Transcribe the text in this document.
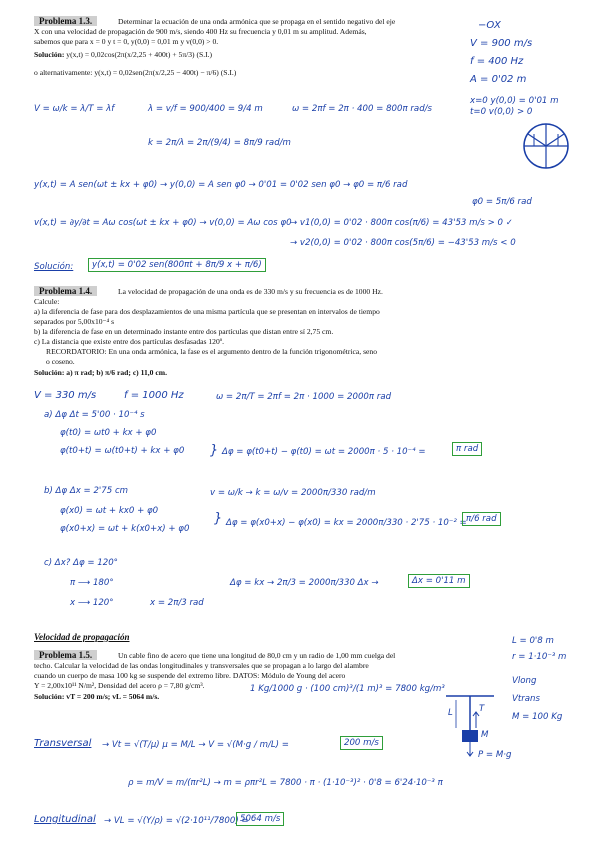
Problema 1.3.	Determinar la ecuación de una onda armónica que se propaga en el sentido negativo del eje
X con una velocidad de propagación de 900 m/s, siendo 400 Hz su frecuencia y 0,01 m su amplitud. Además,
sabemos que para x = 0 y t = 0, y(0,0) = 0,01 m y v(0,0) > 0.
Solución: y(x,t) = 0,02cos(2π(x/2,25 + 400t) + 5π/3) (S.I.)
o alternativamente: y(x,t) = 0,02sen(2π(x/2,25 − 400t) − π/6) (S.I.)
−OX
V = 900 m/s
f = 400 Hz
A = 0'02 m
x=0 y(0,0) = 0'01 m
t=0 v(0,0) > 0
V = ω/k = λ/T = λf	λ = v/f = 900/400 = 9/4 m	ω = 2πf = 2π · 400 = 800π rad/s
k = 2π/λ = 2π/(9/4) = 8π/9 rad/m
y(x,t) = A sen(ωt ± kx + φ0) → y(0,0) = A sen φ0 → 0'01 = 0'02 sen φ0 → φ0 = π/6 rad
φ0 = 5π/6 rad
v(x,t) = ∂y/∂t = Aω cos(ωt ± kx + φ0) → v(0,0) = Aω cos φ0
→ v1(0,0) = 0'02 · 800π cos(π/6) = 43'53 m/s > 0 ✓
→ v2(0,0) = 0'02 · 800π cos(5π/6) = −43'53 m/s < 0
Solución:	y(x,t) = 0'02 sen(800πt + 8π/9 x + π/6)
Problema 1.4.	La velocidad de propagación de una onda es de 330 m/s y su frecuencia es de 1000 Hz.
Calcule:
a) la diferencia de fase para dos desplazamientos de una misma partícula que se presentan en intervalos de tiempo
separados por 5,00x10⁻⁴ s
b) la diferencia de fase en un determinado instante entre dos partículas que distan entre sí 2,75 cm.
c) La distancia que existe entre dos partículas desfasadas 120º.
RECORDATORIO: En una onda armónica, la fase es el argumento dentro de la función trigonométrica, seno
o coseno.
Solución: a) π rad; b) π/6 rad; c) 11,0 cm.
V = 330 m/s	f = 1000 Hz	ω = 2π/T = 2πf = 2π · 1000 = 2000π rad
a) Δφ Δt = 5'00 · 10⁻⁴ s
φ(t0) = ωt0 + kx + φ0
φ(t0+t) = ω(t0+t) + kx + φ0 } Δφ = φ(t0+t) − φ(t0) = ωt = 2000π · 5 · 10⁻⁴ =	π rad
b) Δφ Δx = 2'75 cm	v = ω/k → k = ω/v = 2000π/330 rad/m
φ(x0) = ωt + kx0 + φ0
φ(x0+x) = ωt + k(x0+x) + φ0
} Δφ = φ(x0+x) − φ(x0) = kx = 2000π/330 · 2'75 · 10⁻² = π/6 rad
c) Δx? Δφ = 120°
π ⟶ 180°
x ⟶ 120°	x = 2π/3 rad
Δφ = kx → 2π/3 = 2000π/330 Δx →	Δx = 0'11 m
Velocidad de propagación
Problema 1.5.	Un cable fino de acero que tiene una longitud de 80,0 cm y un radio de 1,00 mm cuelga del
techo. Calcular la velocidad de las ondas longitudinales y transversales que se propagan a lo largo del alambre
cuando un cuerpo de masa 100 kg se suspende del extremo libre. DATOS: Módulo de Young del acero
Y = 2,00x10¹¹ N/m², Densidad del acero ρ = 7,80 g/cm³.
Solución: vT = 200 m/s; vL = 5064 m/s.
1 Kg/1000 g · (100 cm)³/(1 m)³ = 7800 kg/m³
L = 0'8 m
r = 1·10⁻³ m
Vlong
Vtrans
M = 100 Kg
L	T
M
P = M·g
Transversal → Vt = √(T/μ) μ = M/L → V = √(M·g / m/L) =	200 m/s
ρ = m/V = m/(πr²L) → m = ρπr²L = 7800 · π · (1·10⁻³)² · 0'8 = 6'24·10⁻³ π
Longitudinal → VL = √(Y/ρ) = √(2·10¹¹/7800) =
5064 m/s
